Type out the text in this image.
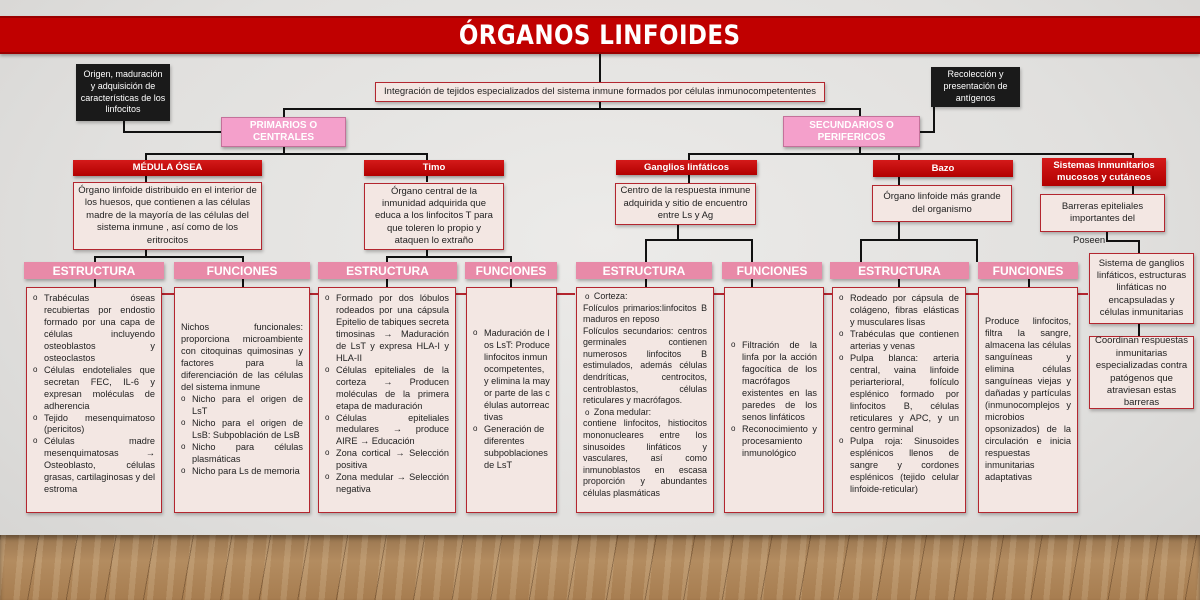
ÓRGANOS LINFOIDES
Origen, maduración y adquisición de características de los linfocitos
Integración de tejidos especializados del sistema inmune formados por células inmunocompetententes
Recolección y presentación de antígenos
PRIMARIOS O CENTRALES
SECUNDARIOS O PERIFERICOS
MÉDULA ÓSEA	Timo	Ganglios linfáticos	Bazo	Sistemas inmunitarios mucosos y cutáneos
Órgano linfoide distribuido en el interior de los huesos, que contienen a las células madre de la mayoría de las células del sistema inmune , así como de los eritrocitos
Órgano central de la inmunidad adquirida que educa a los linfocitos T para que toleren lo propio y ataquen lo extraño
Centro de la respuesta inmune adquirida y sitio de encuentro entre Ls y Ag
Órgano linfoide más grande del organismo	Barreras epiteliales importantes del
Poseen
Sistema de ganglios linfáticos, estructuras linfáticas no encapsuladas y células inmunitarias
Coordinan respuestas inmunitarias especializadas contra patógenos que atraviesan estas barreras
ESTRUCTURA	FUNCIONES	ESTRUCTURA	FUNCIONES	ESTRUCTURA	FUNCIONES	ESTRUCTURA	FUNCIONES
o Trabéculas óseas recubiertas por endostio formado por una capa de células incluyendo osteoblastos y osteoclastos
o Células endoteliales que secretan FEC, IL-6 y expresan moléculas de adherencia
o Tejido mesenquimatoso (pericitos)
o Células madre mesenquimatosas → Osteoblasto, células grasas, cartilaginosas y del estroma

Nichos funcionales: proporciona microambiente con citoquinas quimosinas y factores para la diferenciación de las células del sistema inmune

o Nicho para el origen de LsT
o Nicho para el origen de LsB: Subpoblación de LsB
o Nicho para células plasmáticas
o Nicho para Ls de memoria
o Formado por dos lóbulos rodeados por una cápsula Epitelio de tabiques secreta timosinas → Maduración de LsT y expresa HLA-I y HLA-II
o Células epiteliales de la corteza → Producen moléculas de la primera etapa de maduración
o Células epiteliales medulares → produce AIRE → Educación
o Zona cortical → Selección positiva
o Zona medular → Selección negativa
o Maduración de los LsT: Produce linfocitos inmunocompetentes, y elimina la mayor parte de las células autorreactivas
o Generación de diferentes subpoblaciones de LsT

o  Corteza:

Folículos primarios:linfocitos B maduros en reposo

Folículos secundarios: centros germinales contienen numerosos linfocitos B estimulados, además células dendríticas, centrocitos, centroblastos, células reticulares y macrófagos.

o  Zona medular:

contiene linfocitos, histiocitos mononucleares entre los sinusoides linfáticos y vasculares, así como inmunoblastos en escasa proporción y abundantes células plasmáticas

o Filtración de la linfa por la acción fagocítica de los macrófagos existentes en las paredes de los senos linfáticos
o Reconocimiento y procesamiento inmunológico
o Rodeado por cápsula de colágeno, fibras elásticas y musculares lisas
o Trabéculas que contienen arterias y venas
o Pulpa blanca: arteria central, vaina linfoide periarterioral, folículo esplénico formado por linfocitos B, células reticulares y APC, y un centro germinal
o Pulpa roja: Sinusoides esplénicos llenos de sangre y cordones esplénicos (tejido celular linfoide-reticular)

Produce linfocitos, filtra la sangre, almacena las células sanguíneas y elimina células sanguíneas viejas y dañadas y partículas (inmunocomplejos y microbios opsonizados) de la circulación e inicia respuestas inmunitarias adaptativas
